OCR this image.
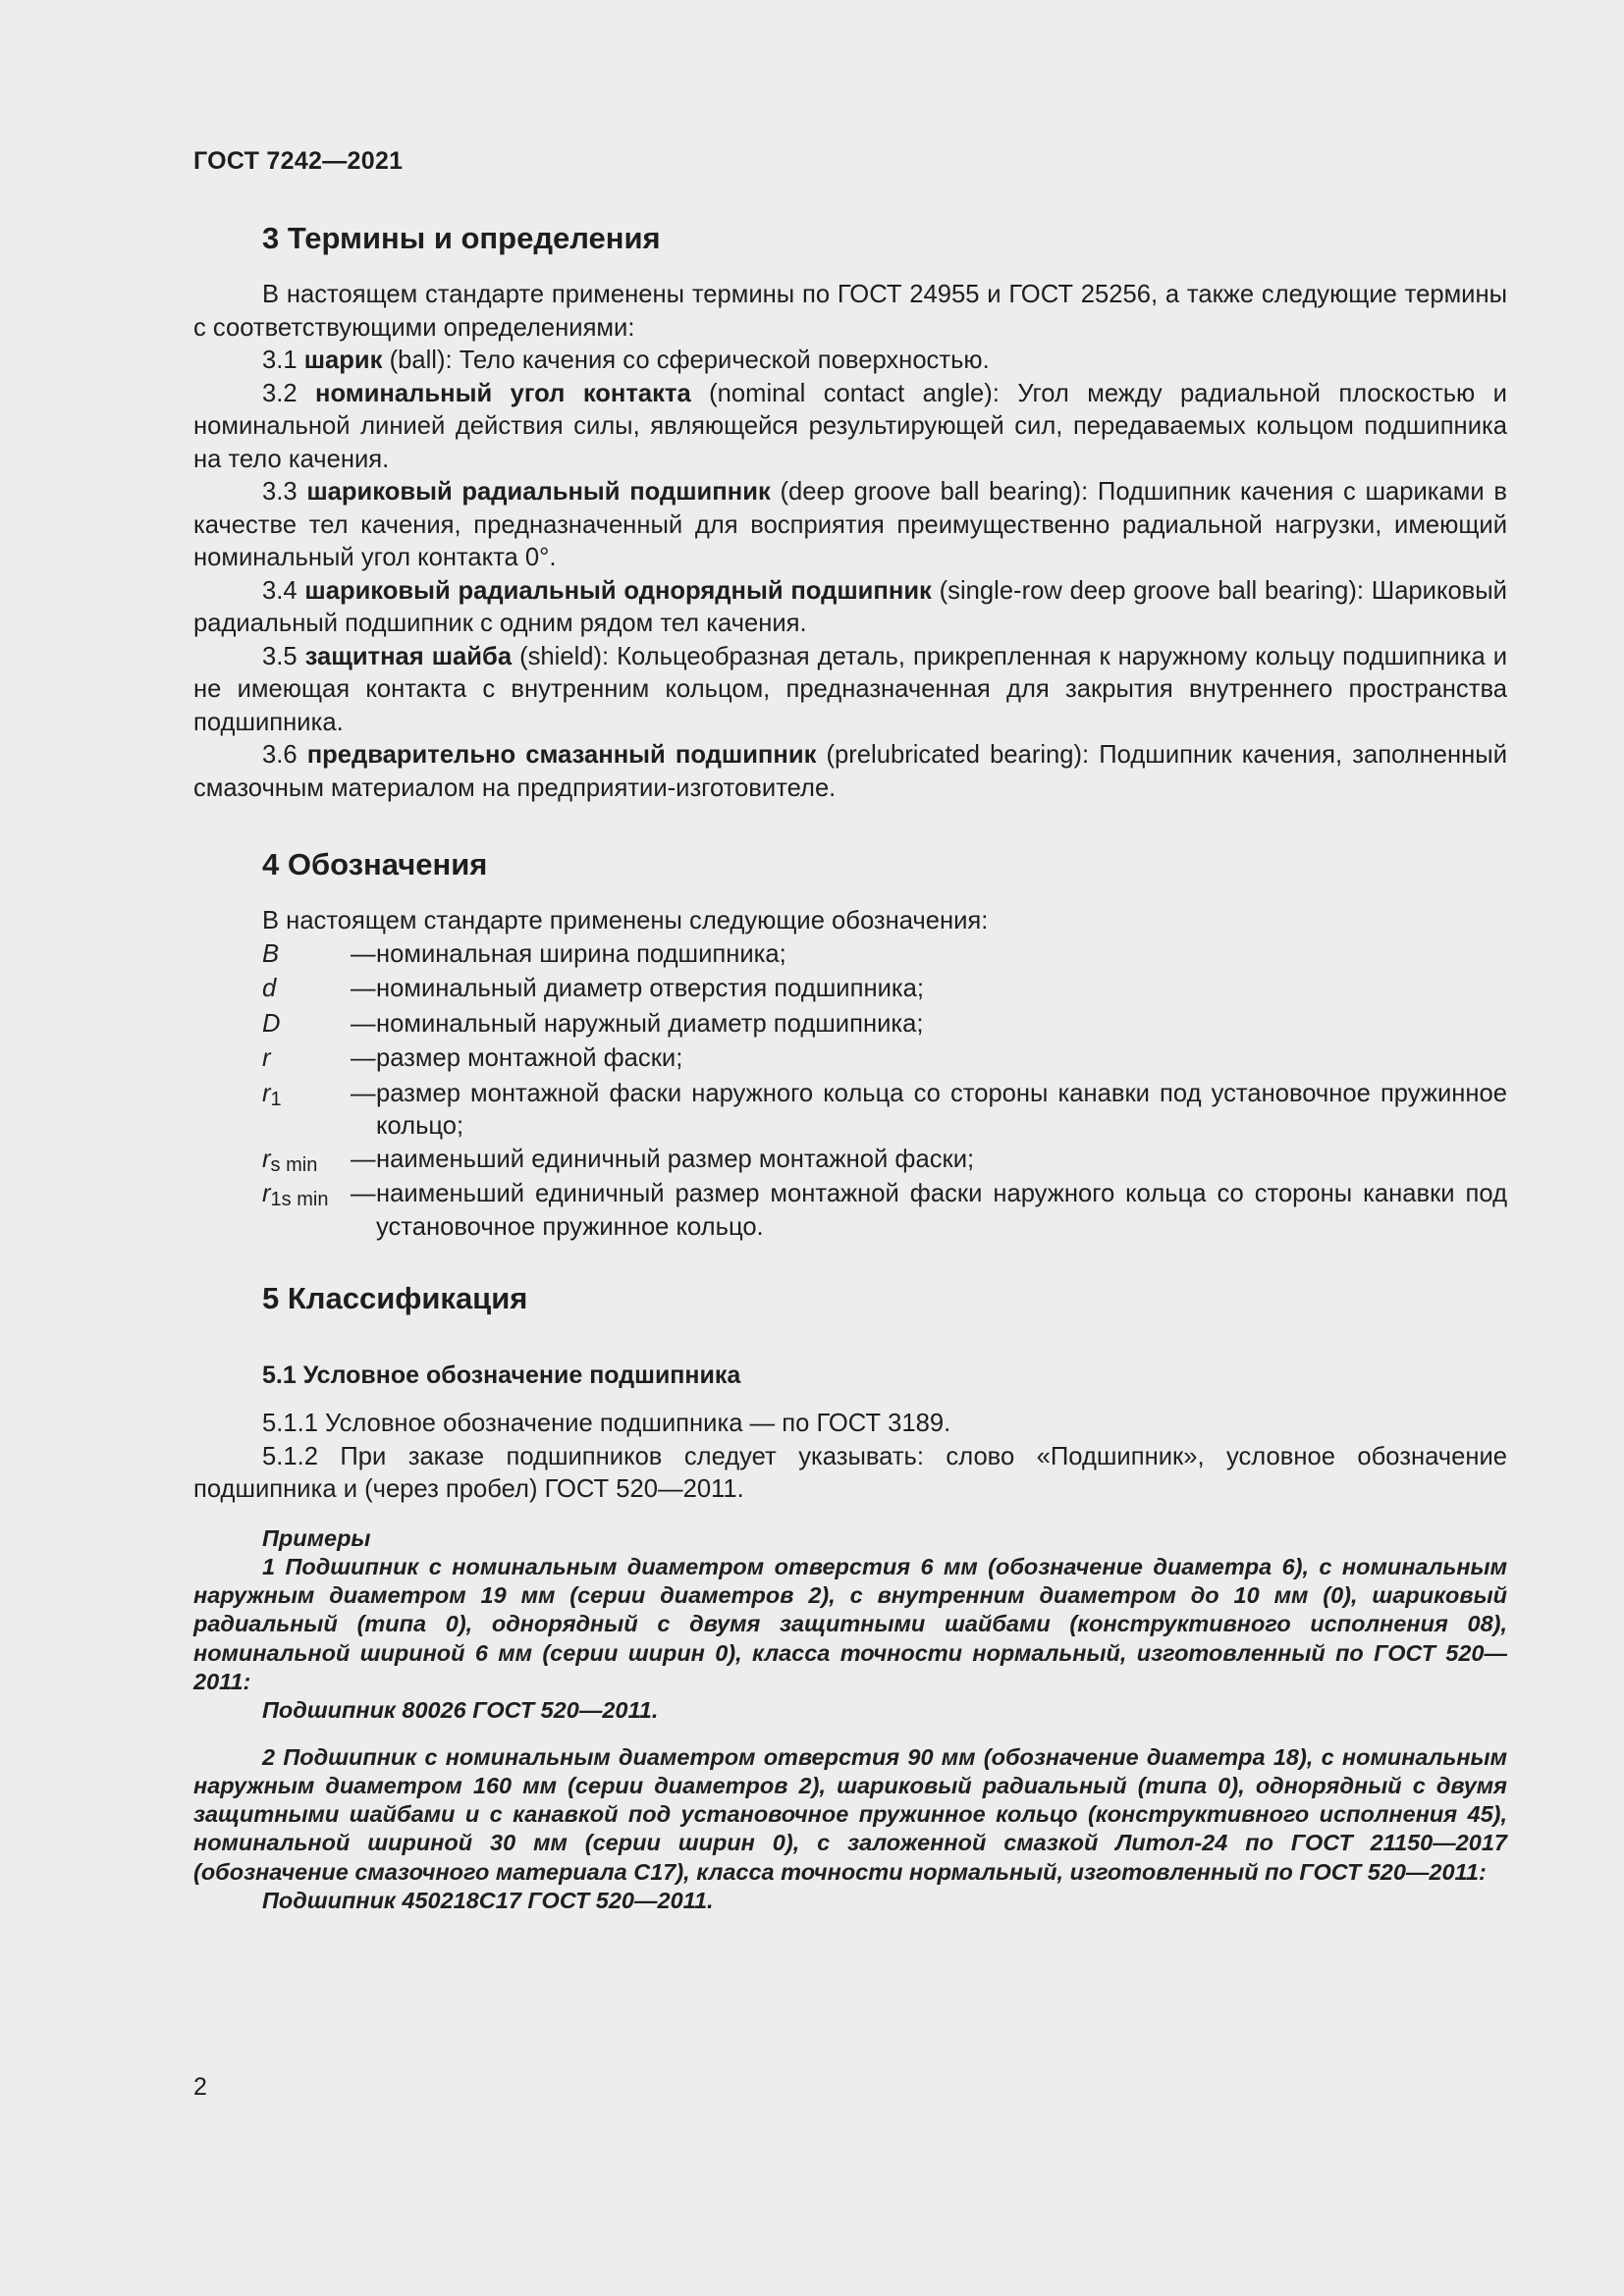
ГОСТ 7242—2021

3 Термины и определения

В настоящем стандарте применены термины по ГОСТ 24955 и ГОСТ 25256, а также следующие термины с соответствующими определениями:

3.1 шарик (ball): Тело качения со сферической поверхностью.

3.2 номинальный угол контакта (nominal contact angle): Угол между радиальной плоскостью и номинальной линией действия силы, являющейся результирующей сил, передаваемых кольцом подшипника на тело качения.

3.3 шариковый радиальный подшипник (deep groove ball bearing): Подшипник качения с шариками в качестве тел качения, предназначенный для восприятия преимущественно радиальной нагрузки, имеющий номинальный угол контакта 0°.

3.4 шариковый радиальный однорядный подшипник (single-row deep groove ball bearing): Шариковый радиальный подшипник с одним рядом тел качения.

3.5 защитная шайба (shield): Кольцеобразная деталь, прикрепленная к наружному кольцу подшипника и не имеющая контакта с внутренним кольцом, предназначенная для закрытия внутреннего пространства подшипника.

3.6 предварительно смазанный подшипник (prelubricated bearing): Подшипник качения, заполненный смазочным материалом на предприятии-изготовителе.

4 Обозначения

В настоящем стандарте применены следующие обозначения:

B	— номинальная ширина подшипника;
d	— номинальный диаметр отверстия подшипника;
D	— номинальный наружный диаметр подшипника;
r	— размер монтажной фаски;
$r_1$	— размер монтажной фаски наружного кольца со стороны канавки под установочное пружинное кольцо;
$r_{s min}$	— наименьший единичный размер монтажной фаски;
$r_{1s min}$ — наименьший единичный размер монтажной фаски наружного кольца со стороны канавки под установочное пружинное кольцо.
5 Классификация
5.1 Условное обозначение подшипника

5.1.1 Условное обозначение подшипника — по ГОСТ 3189.

5.1.2 При заказе подшипников следует указывать: слово «Подшипник», условное обозначение подшипника и (через пробел) ГОСТ 520—2011.

Примеры

1 Подшипник с номинальным диаметром отверстия 6 мм (обозначение диаметра 6), с номинальным наружным диаметром 19 мм (серии диаметров 2), с внутренним диаметром до 10 мм (0), шариковый радиальный (типа 0), однорядный с двумя защитными шайбами (конструктивного исполнения 08), номинальной шириной 6 мм (серии ширин 0), класса точности нормальный, изготовленный по ГОСТ 520—2011:

Подшипник 80026 ГОСТ 520—2011.

2 Подшипник с номинальным диаметром отверстия 90 мм (обозначение диаметра 18), с номинальным наружным диаметром 160 мм (серии диаметров 2), шариковый радиальный (типа 0), однорядный с двумя защитными шайбами и с канавкой под установочное пружинное кольцо (конструктивного исполнения 45), номинальной шириной 30 мм (серии ширин 0), с заложенной смазкой Литол-24 по ГОСТ 21150—2017 (обозначение смазочного материала С17), класса точности нормальный, изготовленный по ГОСТ 520—2011:

Подшипник 450218С17 ГОСТ 520—2011.

2
